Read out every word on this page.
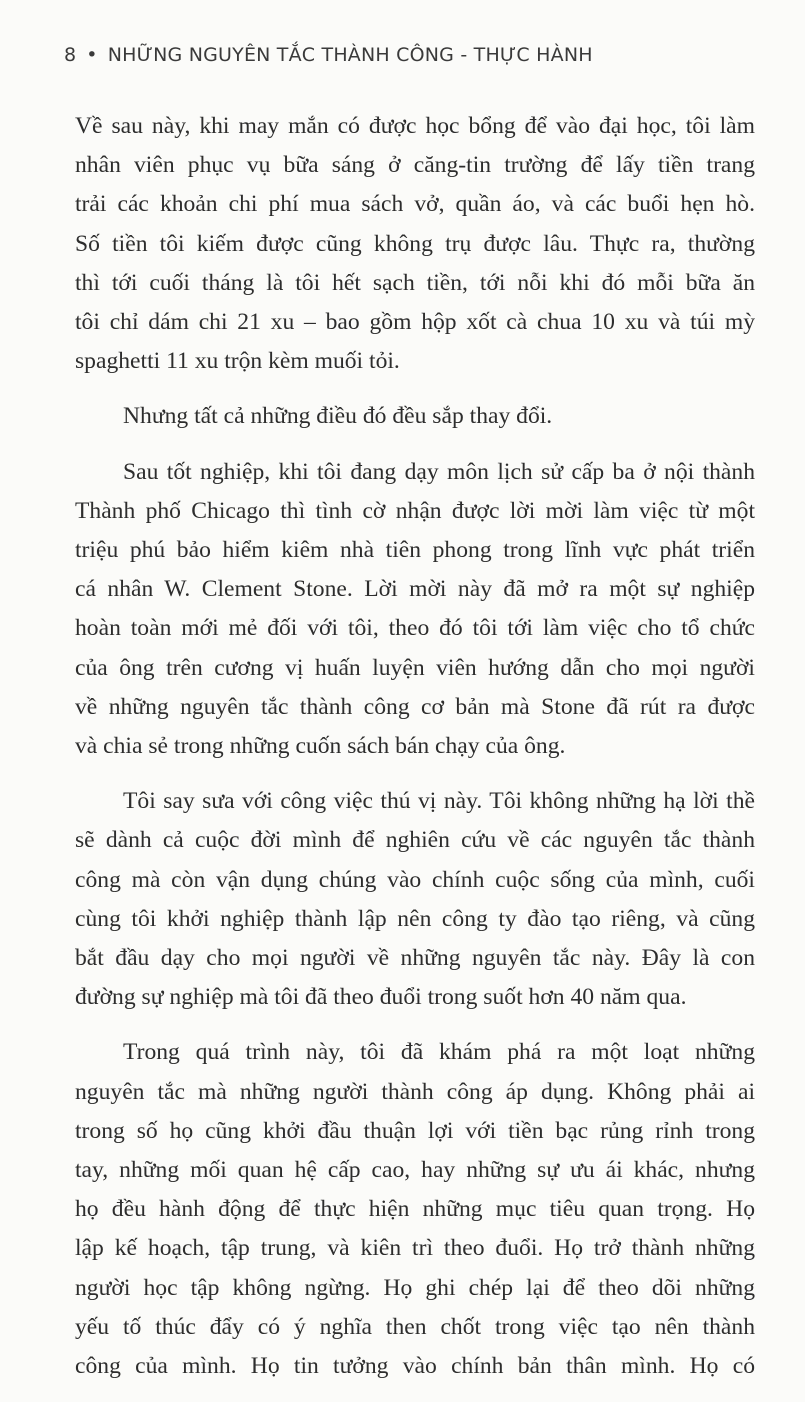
8 • NHỮNG NGUYÊN TẮC THÀNH CÔNG - THỰC HÀNH
Về sau này, khi may mắn có được học bổng để vào đại học, tôi làm
nhân viên phục vụ bữa sáng ở căng-tin trường để lấy tiền trang
trải các khoản chi phí mua sách vở, quần áo, và các buổi hẹn hò.
Số tiền tôi kiếm được cũng không trụ được lâu. Thực ra, thường
thì tới cuối tháng là tôi hết sạch tiền, tới nỗi khi đó mỗi bữa ăn
tôi chỉ dám chi 21 xu – bao gồm hộp xốt cà chua 10 xu và túi mỳ
spaghetti 11 xu trộn kèm muối tỏi.
Nhưng tất cả những điều đó đều sắp thay đổi.
Sau tốt nghiệp, khi tôi đang dạy môn lịch sử cấp ba ở nội thành
Thành phố Chicago thì tình cờ nhận được lời mời làm việc từ một
triệu phú bảo hiểm kiêm nhà tiên phong trong lĩnh vực phát triển
cá nhân W. Clement Stone. Lời mời này đã mở ra một sự nghiệp
hoàn toàn mới mẻ đối với tôi, theo đó tôi tới làm việc cho tổ chức
của ông trên cương vị huấn luyện viên hướng dẫn cho mọi người
về những nguyên tắc thành công cơ bản mà Stone đã rút ra được
và chia sẻ trong những cuốn sách bán chạy của ông.
Tôi say sưa với công việc thú vị này. Tôi không những hạ lời thề
sẽ dành cả cuộc đời mình để nghiên cứu về các nguyên tắc thành
công mà còn vận dụng chúng vào chính cuộc sống của mình, cuối
cùng tôi khởi nghiệp thành lập nên công ty đào tạo riêng, và cũng
bắt đầu dạy cho mọi người về những nguyên tắc này. Đây là con
đường sự nghiệp mà tôi đã theo đuổi trong suốt hơn 40 năm qua.
Trong quá trình này, tôi đã khám phá ra một loạt những
nguyên tắc mà những người thành công áp dụng. Không phải ai
trong số họ cũng khởi đầu thuận lợi với tiền bạc rủng rỉnh trong
tay, những mối quan hệ cấp cao, hay những sự ưu ái khác, nhưng
họ đều hành động để thực hiện những mục tiêu quan trọng. Họ
lập kế hoạch, tập trung, và kiên trì theo đuổi. Họ trở thành những
người học tập không ngừng. Họ ghi chép lại để theo dõi những
yếu tố thúc đẩy có ý nghĩa then chốt trong việc tạo nên thành
công của mình. Họ tin tưởng vào chính bản thân mình. Họ có
